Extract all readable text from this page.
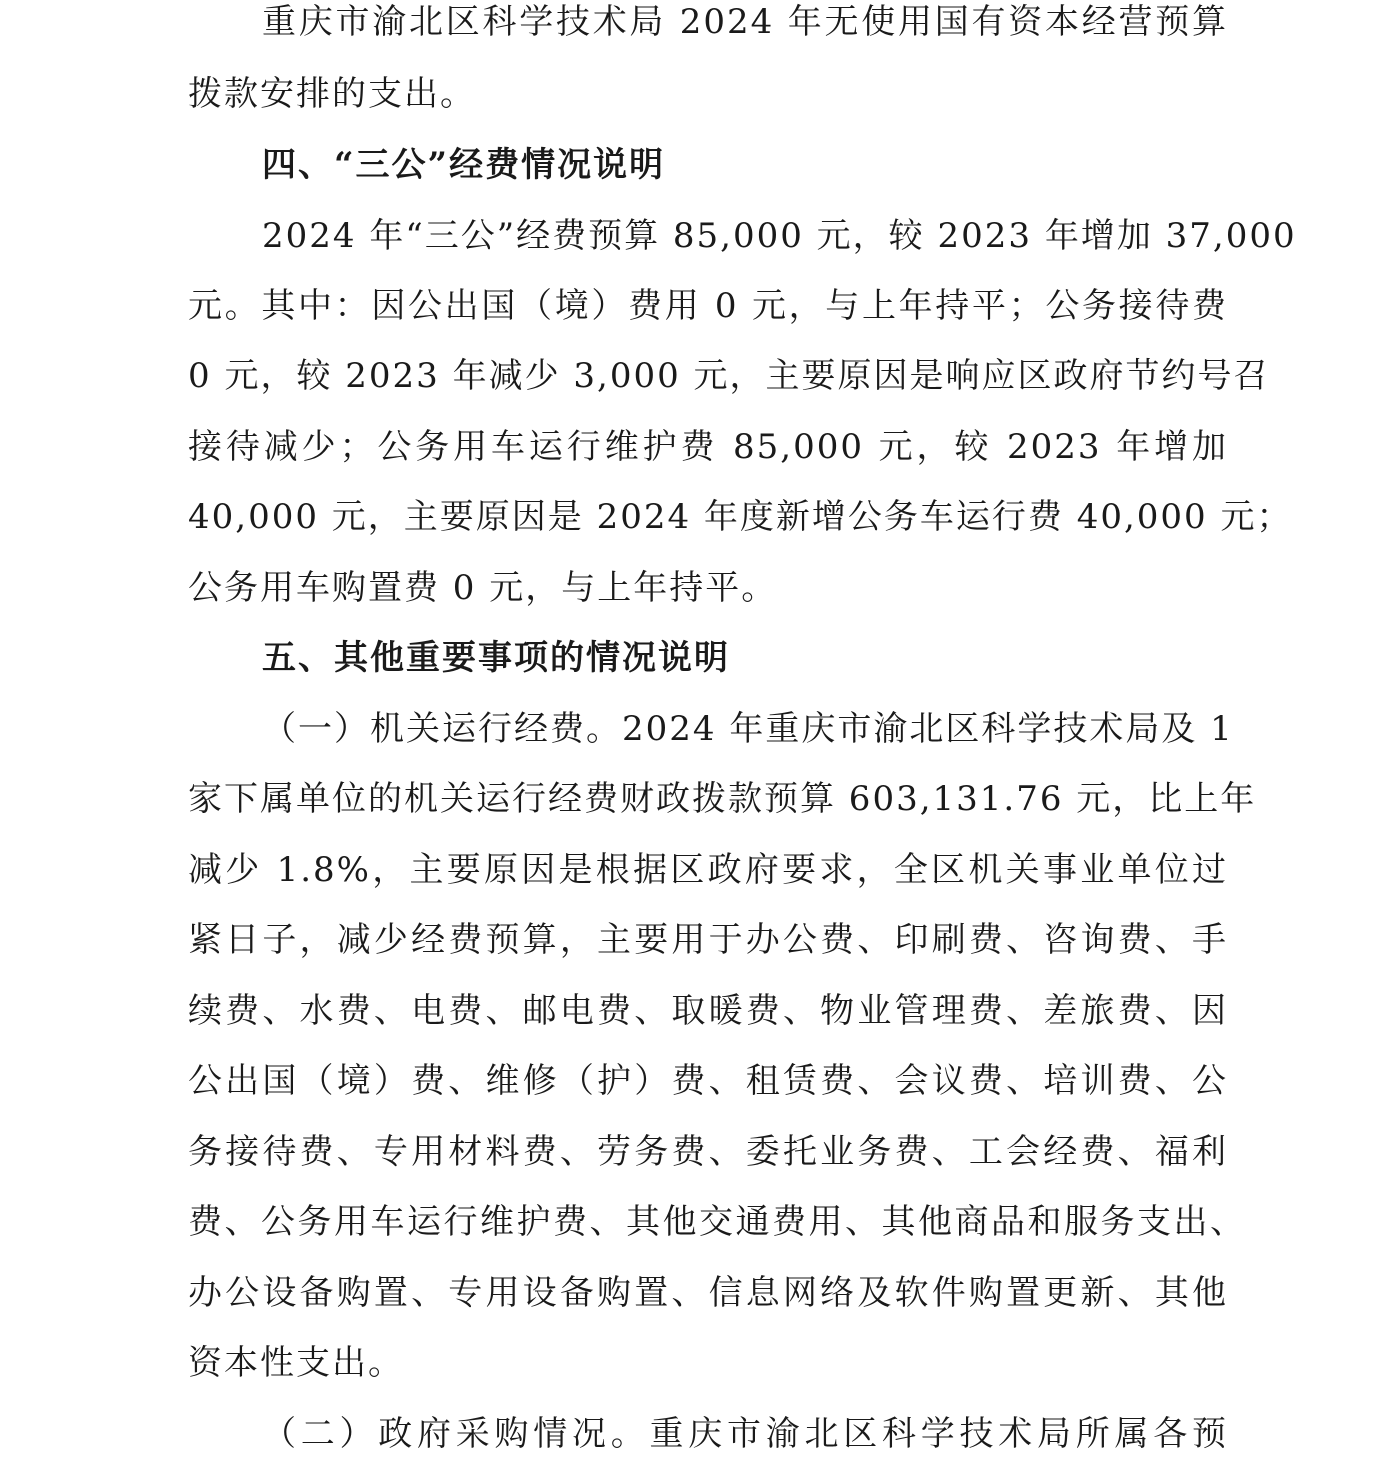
重庆市渝北区科学技术局 2024 年无使用国有资本经营预算
拨款安排的支出。
四、“三公”经费情况说明
2024 年“三公”经费预算 85,000 元，较 2023 年增加 37,000
元。其中：因公出国（境）费用 0 元，与上年持平；公务接待费
0 元，较 2023 年减少 3,000 元，主要原因是响应区政府节约号召
接待减少；公务用车运行维护费 85,000 元，较 2023 年增加
40,000 元，主要原因是 2024 年度新增公务车运行费 40,000 元；
公务用车购置费 0 元，与上年持平。
五、其他重要事项的情况说明
（一）机关运行经费。2024 年重庆市渝北区科学技术局及 1
家下属单位的机关运行经费财政拨款预算 603,131.76 元，比上年
减少 1.8%，主要原因是根据区政府要求，全区机关事业单位过
紧日子，减少经费预算，主要用于办公费、印刷费、咨询费、手
续费、水费、电费、邮电费、取暖费、物业管理费、差旅费、因
公出国（境）费、维修（护）费、租赁费、会议费、培训费、公
务接待费、专用材料费、劳务费、委托业务费、工会经费、福利
费、公务用车运行维护费、其他交通费用、其他商品和服务支出、
办公设备购置、专用设备购置、信息网络及软件购置更新、其他
资本性支出。
（二）政府采购情况。重庆市渝北区科学技术局所属各预
